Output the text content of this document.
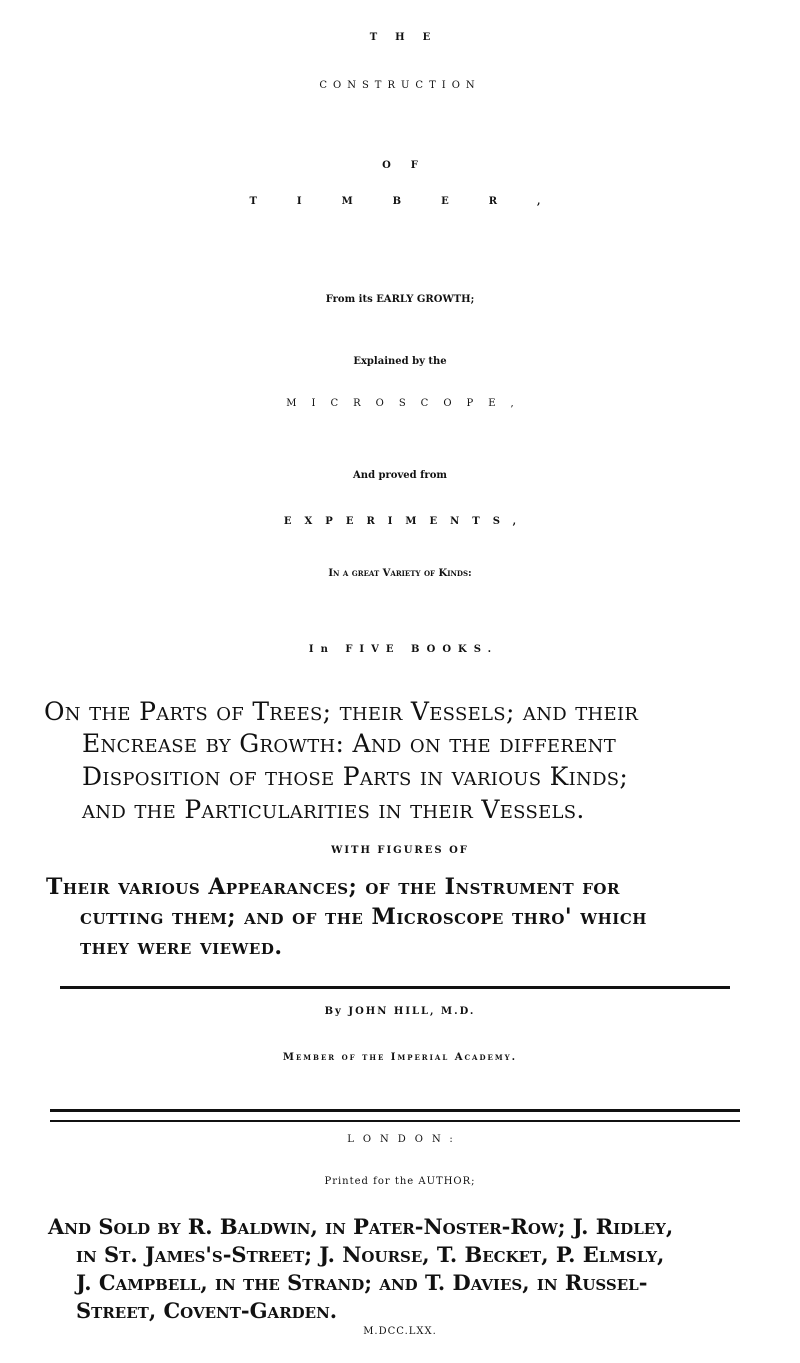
THE
CONSTRUCTION
OF
TIMBER,
From its EARLY GROWTH;
Explained by the
MICROSCOPE,
And proved from
EXPERIMENTS,
In a great Variety of Kinds:
In FIVE BOOKS.
On the Parts of Trees; their Vessels; and their
Encrease by Growth: And on the different
Disposition of those Parts in various Kinds;
and the Particularities in their Vessels.
WITH FIGURES OF
Their various Appearances; of the Instrument for
cutting them; and of the Microscope thro' which
they were viewed.
By JOHN HILL, M.D.
Member of the Imperial Academy.
LONDON:
Printed for the AUTHOR;
And Sold by R. Baldwin, in Pater-Noster-Row; J. Ridley,
in St. James's-Street; J. Nourse, T. Becket, P. Elmsly,
J. Campbell, in the Strand; and T. Davies, in Russel-
Street, Covent-Garden.
M.DCC.LXX.
